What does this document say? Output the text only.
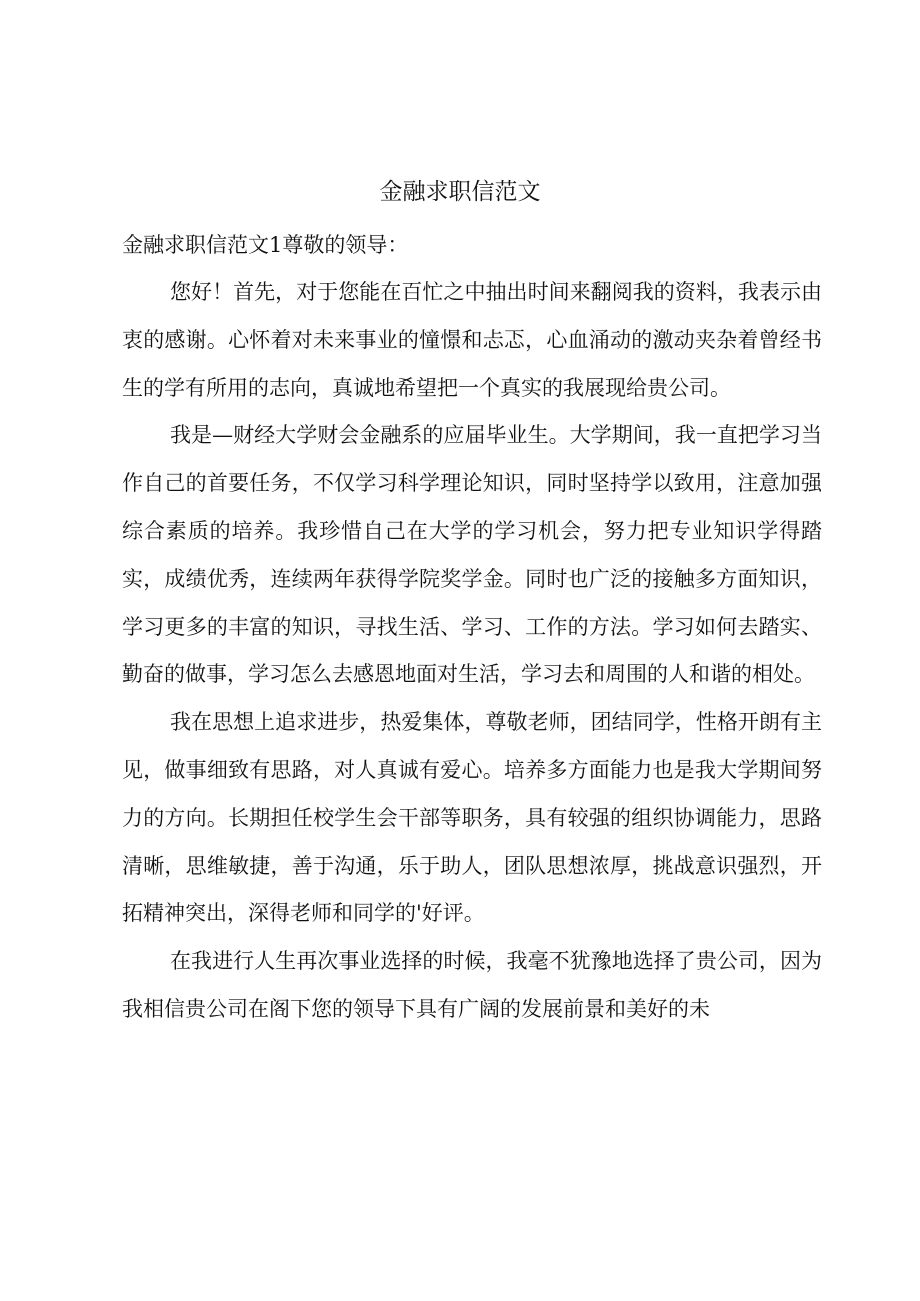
金融求职信范文

金融求职信范文1尊敬的领导：

您好！首先，对于您能在百忙之中抽出时间来翻阅我的资料，我表示由衷的感谢。心怀着对未来事业的憧憬和忐忑，心血涌动的激动夹杂着曾经书生的学有所用的志向，真诚地希望把一个真实的我展现给贵公司。

我是—财经大学财会金融系的应届毕业生。大学期间，我一直把学习当作自己的首要任务，不仅学习科学理论知识，同时坚持学以致用，注意加强综合素质的培养。我珍惜自己在大学的学习机会，努力把专业知识学得踏实，成绩优秀，连续两年获得学院奖学金。同时也广泛的接触多方面知识，学习更多的丰富的知识，寻找生活、学习、工作的方法。学习如何去踏实、勤奋的做事，学习怎么去感恩地面对生活，学习去和周围的人和谐的相处。

我在思想上追求进步，热爱集体，尊敬老师，团结同学，性格开朗有主见，做事细致有思路，对人真诚有爱心。培养多方面能力也是我大学期间努力的方向。长期担任校学生会干部等职务，具有较强的组织协调能力，思路清晰，思维敏捷，善于沟通，乐于助人，团队思想浓厚，挑战意识强烈，开拓精神突出，深得老师和同学的'好评。

在我进行人生再次事业选择的时候，我毫不犹豫地选择了贵公司，因为我相信贵公司在阁下您的领导下具有广阔的发展前景和美好的未
